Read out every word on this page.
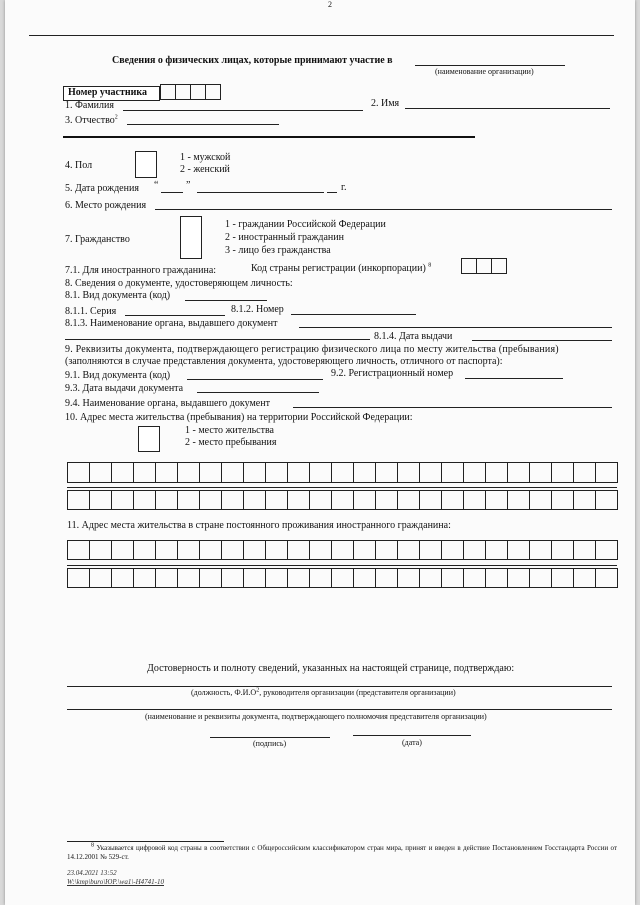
2
Сведения о физических лицах, которые принимают участие в
(наименование организации)
Номер участника
1. Фамилия	2. Имя
3. Отчество$^2$
4. Пол
1 - мужской
2 - женский
5. Дата рождения “	”	г.
6. Место рождения
7. Гражданство
1 - граждании Российской Федерации
2 - иностранный гражданин
3 - лицо без гражданства
7.1. Для иностранного гражданина:	Код страны регистрации (инкорпорации) $^8$
8. Сведения о документе, удостоверяющем личность:
8.1. Вид документа (код)
8.1.1. Серия	8.1.2. Номер
8.1.3. Наименование органа, выдавшего документ
8.1.4. Дата выдачи
9. Реквизиты документа, подтверждающего регистрацию физического лица по месту жительства (пребывания)
(заполняются в случае представления документа, удостоверяющего личность, отличного от паспорта):
9.1. Вид документа (код)	9.2. Регистрационный номер
9.3. Дата выдачи документа
9.4. Наименование органа, выдавшего документ
10. Адрес места жительства (пребывания) на территории Российской Федерации:
1 - место жительства
2 - место пребывания
11. Адрес места жительства в стране постоянного проживания иностранного гражданина:
Достоверность и полноту сведений, указанных на настоящей странице, подтверждаю:
(должность, $Ф.И.О^2$, руководителя организации (представителя организации)
(наименование и реквизиты документа, подтверждающего полномочия представителя организации)
(подпись)	(дата)
8 Указывается цифровой код страны в соответствии с Общероссийским классификатором стран мира, принят и введен в действие Постановлением Госстандарта России от 14.12.2001 № 529-ст.
23.04.2021 13:52
W:\kmp\buro\ЮР.\wa1\-H4741-10
